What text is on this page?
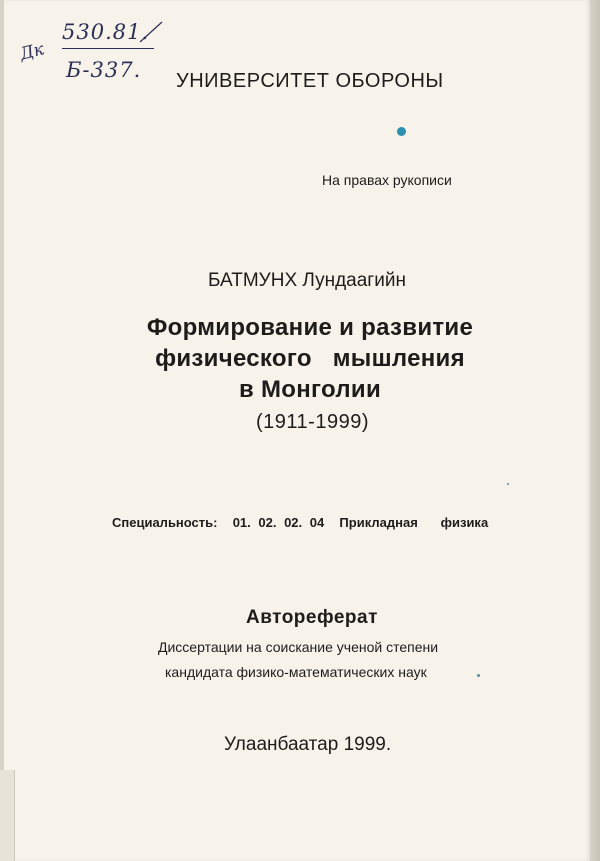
Дк
530.81.
Б-337. УНИВЕРСИТЕТ ОБОРОНЫ
На правах рукописи
БАТМУНХ Лундаагийн
Формирование и развитие
физического   мышления
в Монголии
(1911-1999)
Специальность:  01. 02. 02. 04  Прикладная   физика
Автореферат
Диссертации на соискание ученой степени
кандидата физико-математических наук
Улаанбаатар 1999.
